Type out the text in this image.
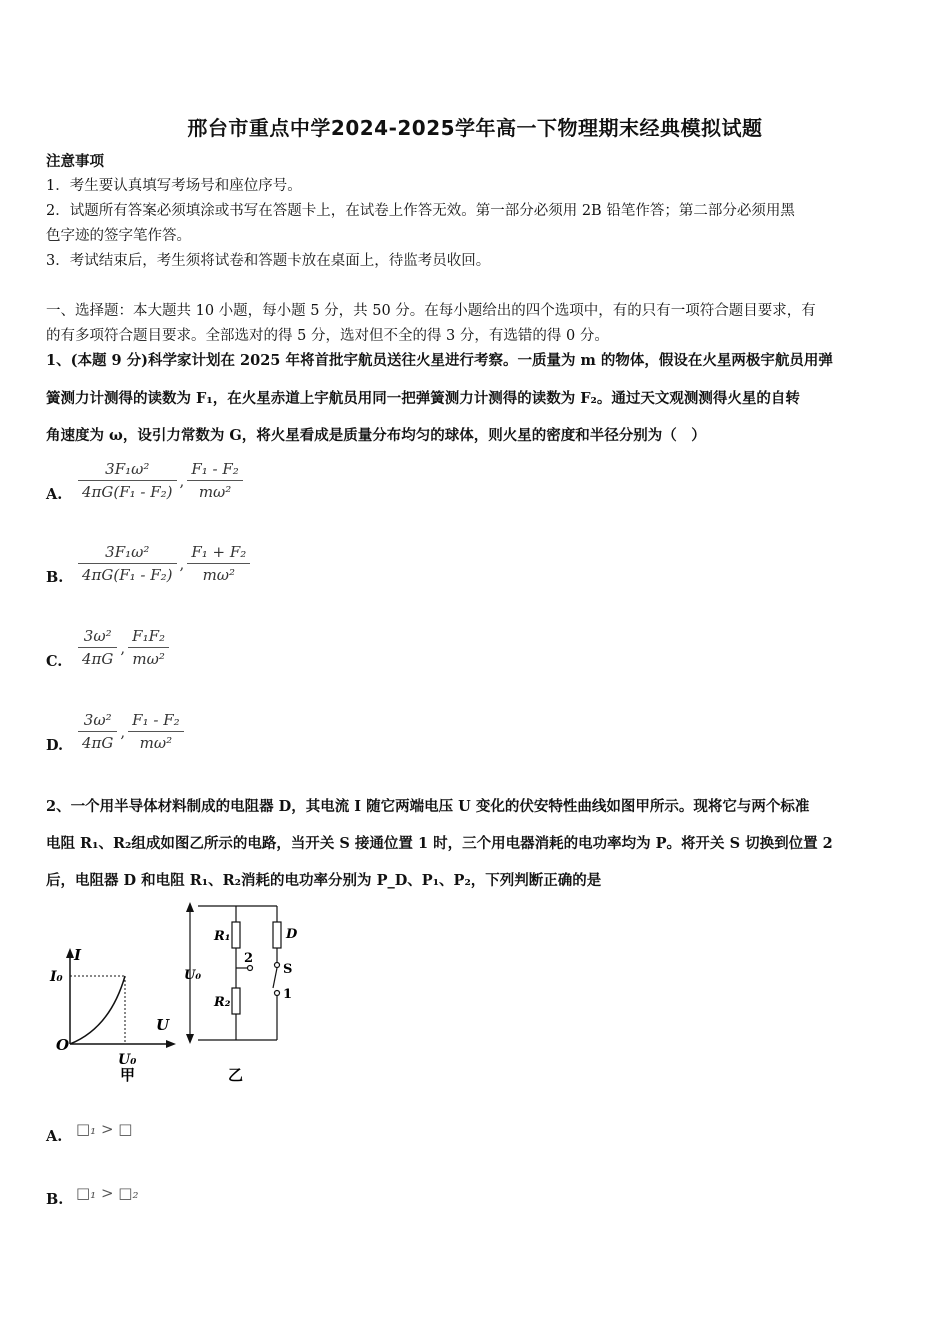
邢台市重点中学2024-2025学年高一下物理期末经典模拟试题
注意事项
1．考生要认真填写考场号和座位序号。
2．试题所有答案必须填涂或书写在答题卡上，在试卷上作答无效。第一部分必须用 2B 铅笔作答；第二部分必须用黑
色字迹的签字笔作答。
3．考试结束后，考生须将试卷和答题卡放在桌面上，待监考员收回。
一、选择题：本大题共 10 小题，每小题 5 分，共 50 分。在每小题给出的四个选项中，有的只有一项符合题目要求，有
的有多项符合题目要求。全部选对的得 5 分，选对但不全的得 3 分，有选错的得 0 分。
1、(本题 9 分)科学家计划在 2025 年将首批宇航员送往火星进行考察。一质量为 m 的物体，假设在火星两极宇航员用弹
簧测力计测得的读数为 F₁，在火星赤道上宇航员用同一把弹簧测力计测得的读数为 F₂。通过天文观测测得火星的自转
角速度为 ω，设引力常数为 G，将火星看成是质量分布均匀的球体，则火星的密度和半径分别为（　）
A. $\frac{\text{3F₁ω²}}{\text{4πG(F₁ - F₂)}}$ , $\frac{\text{F₁ - F₂}}{\text{mω²}}$
B. $\frac{\text{3F₁ω²}}{\text{4πG(F₁ - F₂)}}$ , $\frac{\text{F₁ + F₂}}{\text{mω²}}$
C. $\frac{\text{3ω²}}{4\pi G}$ , $\frac{\text{F₁F₂}}{\text{mω²}}$
D. $\frac{\text{3ω²}}{4\pi G}$ , $\frac{\text{F₁ - F₂}}{\text{mω²}}$
2、一个用半导体材料制成的电阻器 D，其电流 I 随它两端电压 U 变化的伏安特性曲线如图甲所示。现将它与两个标准
电阻 R₁、R₂组成如图乙所示的电路，当开关 S 接通位置 1 时，三个用电器消耗的电功率均为 P。将开关 S 切换到位置 2
后，电阻器 D 和电阻 R₁、R₂消耗的电功率分别为 P_D、P₁、P₂，下列判断正确的是
I
U
O
I₀
U₀
甲
U₀
R₁
R₂
2
D
S
1
乙
A. □₁ > □
B. □₁ > □₂
